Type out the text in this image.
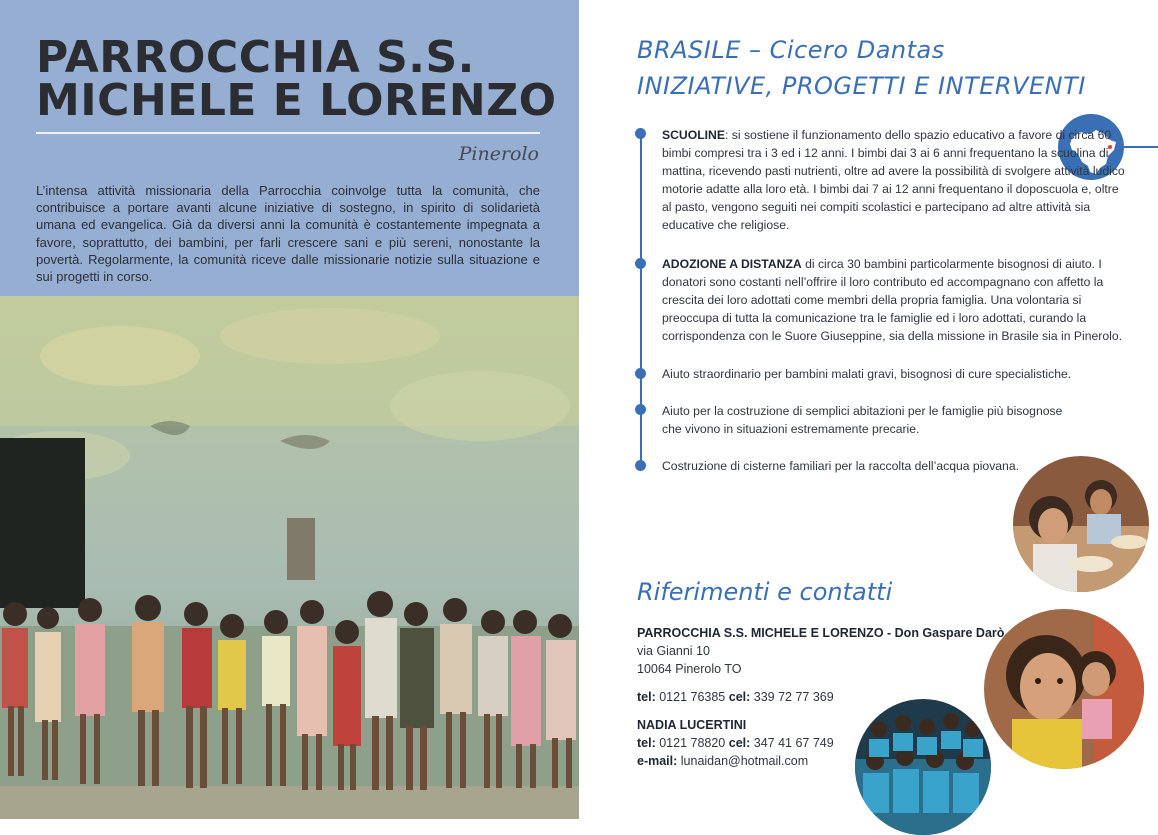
PARROCCHIA S.S.
MICHELE E LORENZO
Pinerolo

L’intensa attività missionaria della Parrocchia coinvolge tutta la comunità, che contribuisce a portare avanti alcune iniziative di sostegno, in spirito di solidarietà umana ed evangelica. Già da diversi anni la comunità è costantemente impegnata a favore, soprattutto, dei bambini, per farli crescere sani e più sereni, nonostante la povertà. Regolarmente, la comunità riceve dalle missionarie notizie sulla situazione e sui progetti in corso.

BRASILE – Cicero Dantas
INIZIATIVE, PROGETTI E INTERVENTI

SCUOLINE: si sostiene il funzionamento dello spazio educativo a favore di circa 60 bimbi compresi tra i 3 ed i 12 anni. I bimbi dai 3 ai 6 anni frequentano la scuolina di mattina, ricevendo pasti nutrienti, oltre ad avere la possibilità di svolgere attività ludico motorie adatte alla loro età. I bimbi dai 7 ai 12 anni frequentano il doposcuola e, oltre al pasto, vengono seguiti nei compiti scolastici e partecipano ad altre attività sia educative che religiose.

ADOZIONE A DISTANZA di circa 30 bambini particolarmente bisognosi di aiuto. I donatori sono costanti nell’offrire il loro contributo ed accompagnano con affetto la crescita dei loro adottati come membri della propria famiglia. Una volontaria si preoccupa di tutta la comunicazione tra le famiglie ed i loro adottati, curando la corrispondenza con le Suore Giuseppine, sia della missione in Brasile sia in Pinerolo.

Aiuto straordinario per bambini malati gravi, bisognosi di cure specialistiche.

Aiuto per la costruzione di semplici abitazioni per le famiglie più bisognose che vivono in situazioni estremamente precarie.

Costruzione di cisterne familiari per la raccolta dell’acqua piovana.

Riferimenti e contatti
PARROCCHIA S.S. MICHELE E LORENZO - Don Gaspare Darò
via Gianni 10
10064 Pinerolo TO
tel: 0121 76385 cel: 339 72 77 369
NADIA LUCERTINI
tel: 0121 78820 cel: 347 41 67 749
e-mail: lunaidan@hotmail.com
